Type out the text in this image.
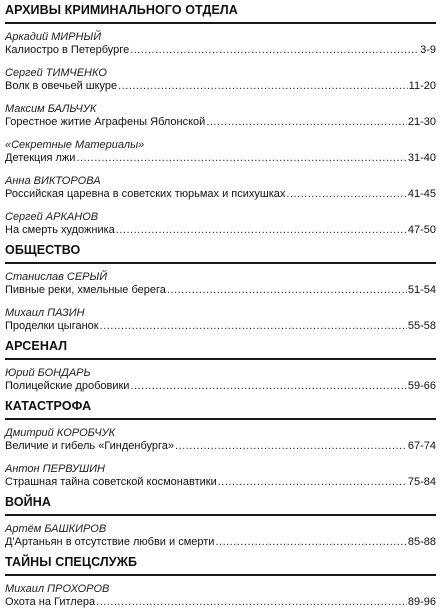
АРХИВЫ КРИМИНАЛЬНОГО ОТДЕЛА
Аркадий МИРНЫЙ
Калиостро в Петербурге .....	3-9
Сергей ТИМЧЕНКО
Волк в овечьей шкуре .....	11-20
Максим БАЛЬЧУК
Горестное житие Аграфены Яблонской .....	21-30
«Секретные Материалы»
Детекция лжи .....	31-40
Анна ВИКТОРОВА
Российская царевна в советских тюрьмах и психушках .....	41-45
Сергей АРКАНОВ
На смерть художника .....	47-50
ОБЩЕСТВО
Станислав СЕРЫЙ
Пивные реки, хмельные берега .....	51-54
Михаил ПАЗИН
Проделки цыганок .....	55-58
АРСЕНАЛ
Юрий БОНДАРЬ
Полицейские дробовики .....	59-66
КАТАСТРОФА
Дмитрий КОРОБЧУК
Величие и гибель «Гинденбурга» .....	67-74
Антон ПЕРВУШИН
Страшная тайна советской космонавтики .....	75-84
ВОЙНА
Артём БАШКИРОВ
Д'Артаньян в отсутствие любви и смерти .....	85-88
ТАЙНЫ СПЕЦСЛУЖБ
Михаил ПРОХОРОВ
Охота на Гитлера .....	89-96
